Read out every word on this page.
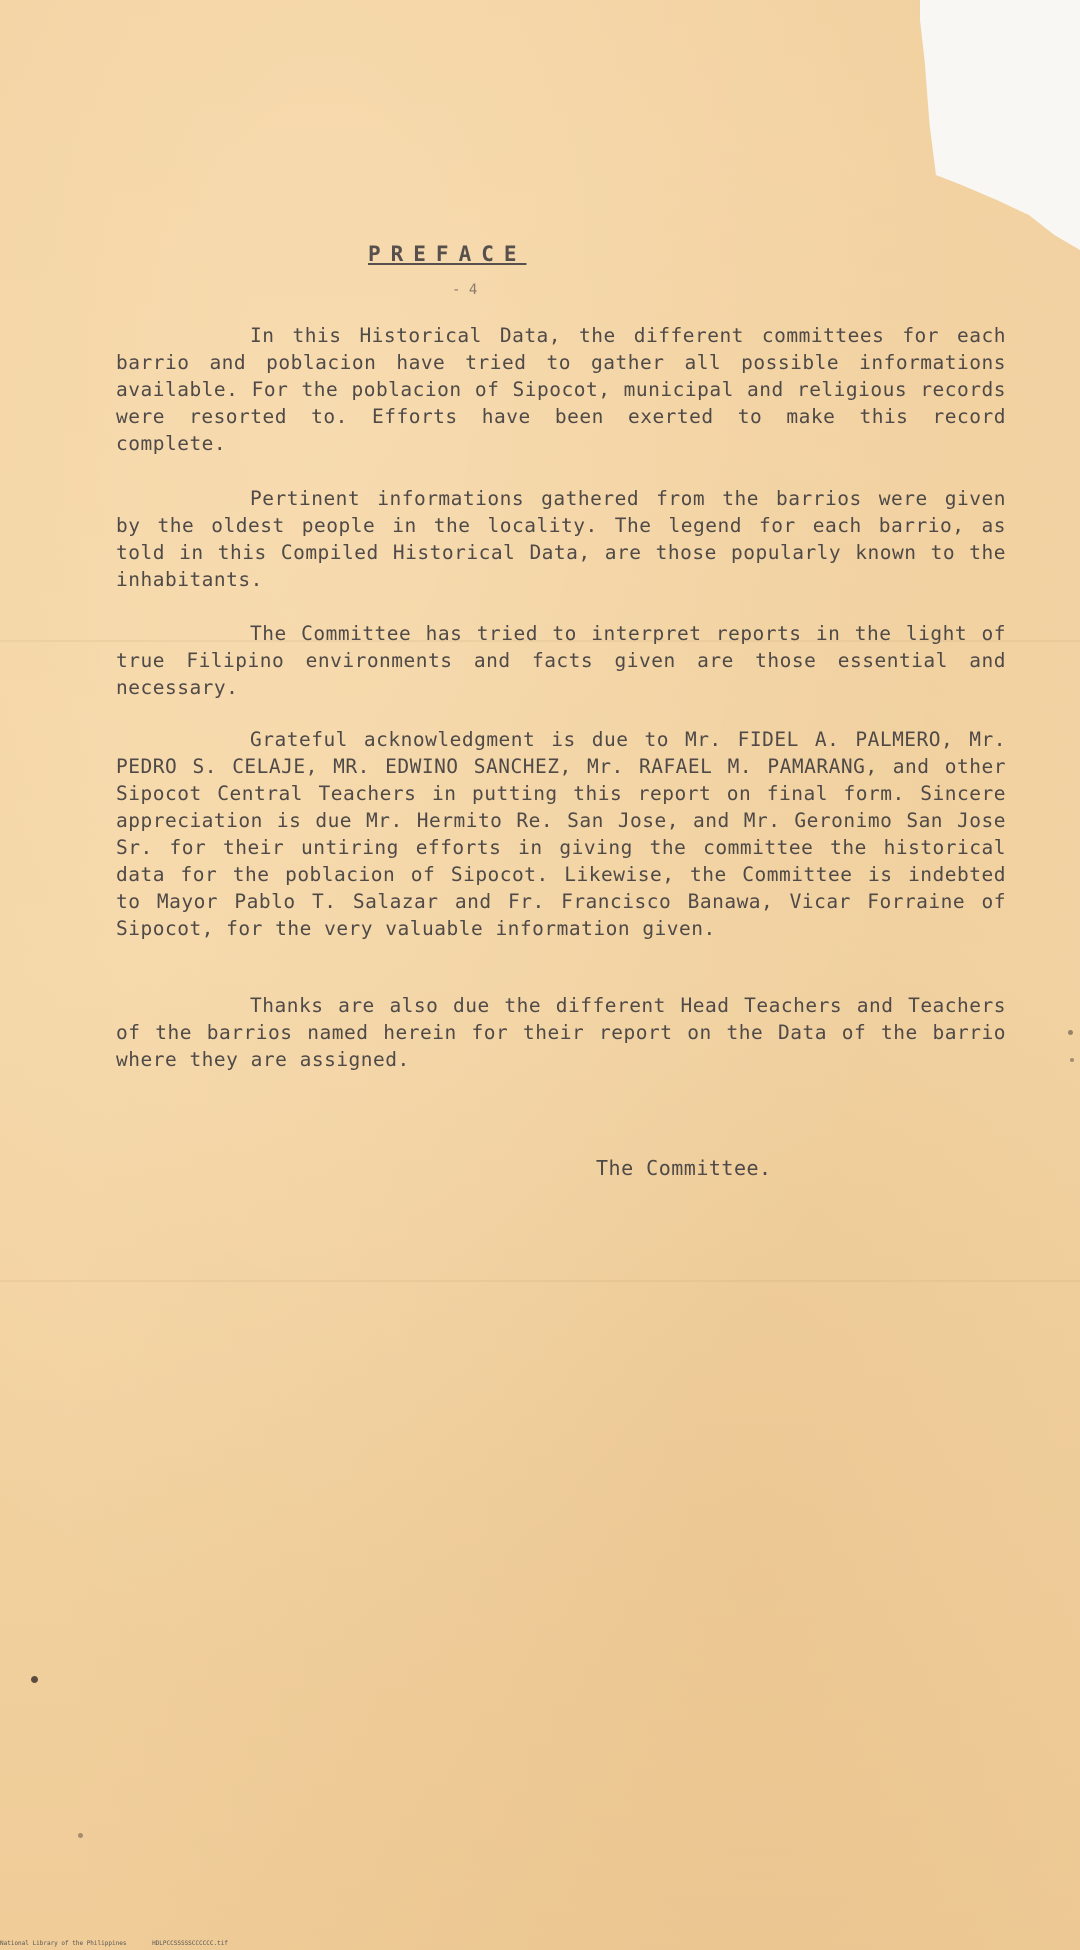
PREFACE
- 4

In this Historical Data, the different committees for each barrio and poblacion have tried to gather all possible informations available. For the poblacion of Sipocot, municipal and religious records were resorted to. Efforts have been exerted to make this record complete.

Pertinent informations gathered from the barrios were given by the oldest people in the locality. The legend for each barrio, as told in this Compiled Historical Data, are those popularly known to the inhabitants.

The Committee has tried to interpret reports in the light of true Filipino environments and facts given are those essential and necessary.

Grateful acknowledgment is due to Mr. FIDEL A. PALMERO, Mr. PEDRO S. CELAJE, MR. EDWINO SANCHEZ, Mr. RAFAEL M. PAMARANG, and other Sipocot Central Teachers in putting this report on final form. Sincere appreciation is due Mr. Hermito Re. San Jose, and Mr. Geronimo San Jose Sr. for their untiring efforts in giving the committee the historical data for the poblacion of Sipocot. Likewise, the Committee is indebted to Mayor Pablo T. Salazar and Fr. Francisco Banawa, Vicar Forraine of Sipocot, for the very valuable information given.

Thanks are also due the different Head Teachers and Teachers of the barrios named herein for their report on the Data of the barrio where they are assigned.

The Committee.
National Library of the Philippines	HDLPCCSSSSSCCCCCC.tif
